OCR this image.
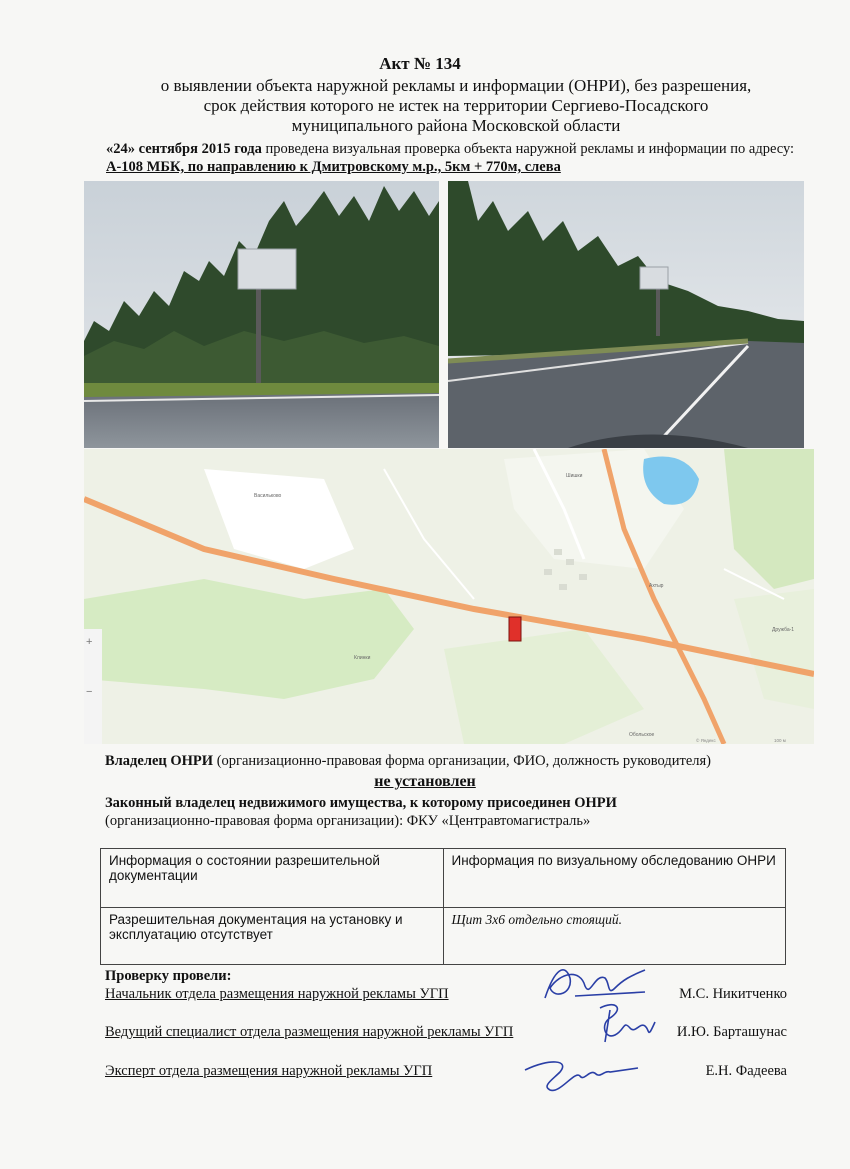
Акт № 134
о выявлении объекта наружной рекламы и информации (ОНРИ), без разрешения,
срок действия которого не истек на территории Сергиево-Посадского
муниципального района Московской области
«24» сентября 2015 года проведена визуальная проверка объекта наружной рекламы и информации по адресу: А-108 МБК, по направлению к Дмитровскому м.р., 5км + 770м, слева
+
−
Васильково
Шишки
Ахтыр
Дружба-1
Клинки
Обольское
© Яндекс	100 м
Владелец ОНРИ (организационно-правовая форма организации, ФИО, должность руководителя)
не установлен
Законный владелец недвижимого имущества, к которому присоединен ОНРИ
(организационно-правовая форма организации): ФКУ «Центравтомагистраль»
Информация о состоянии разрешительной документации	Информация по визуальному обследованию ОНРИ
Разрешительная документация на установку и эксплуатацию отсутствует	Щит 3х6 отдельно стоящий.
Проверку провели:
Начальник отдела размещения наружной рекламы УГП	М.С. Никитченко
Ведущий специалист отдела размещения наружной рекламы УГП	И.Ю. Барташунас
Эксперт отдела размещения наружной рекламы УГП	Е.Н. Фадеева
